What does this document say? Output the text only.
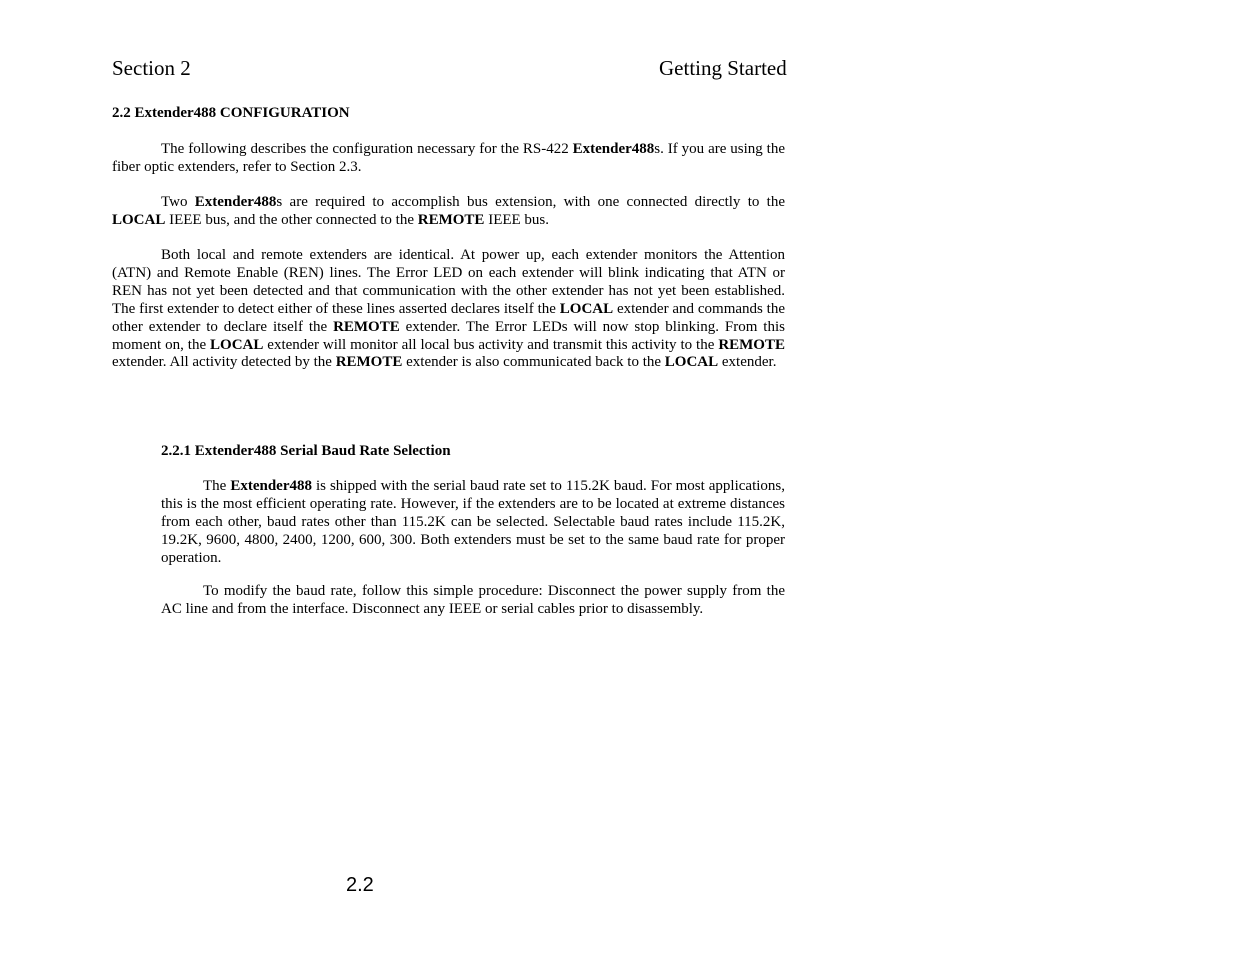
Section 2	Getting Started
2.2 Extender488 CONFIGURATION
The following describes the configuration necessary for the RS-422 Extender488s. If you are using the fiber optic extenders, refer to Section 2.3.
Two Extender488s are required to accomplish bus extension, with one connected directly to the LOCAL IEEE bus, and the other connected to the REMOTE IEEE bus.
Both local and remote extenders are identical. At power up, each extender monitors the Attention (ATN) and Remote Enable (REN) lines. The Error LED on each extender will blink indicating that ATN or REN has not yet been detected and that communication with the other extender has not yet been established. The first extender to detect either of these lines asserted declares itself the LOCAL extender and commands the other extender to declare itself the REMOTE extender. The Error LEDs will now stop blinking. From this moment on, the LOCAL extender will monitor all local bus activity and transmit this activity to the REMOTE extender. All activity detected by the REMOTE extender is also communicated back to the LOCAL extender.
2.2.1 Extender488 Serial Baud Rate Selection
The Extender488 is shipped with the serial baud rate set to 115.2K baud. For most applications, this is the most efficient operating rate. However, if the extenders are to be located at extreme distances from each other, baud rates other than 115.2K can be selected. Selectable baud rates include 115.2K, 19.2K, 9600, 4800, 2400, 1200, 600, 300. Both extenders must be set to the same baud rate for proper operation.
To modify the baud rate, follow this simple procedure: Disconnect the power supply from the AC line and from the interface. Disconnect any IEEE or serial cables prior to disassembly.
2.2
